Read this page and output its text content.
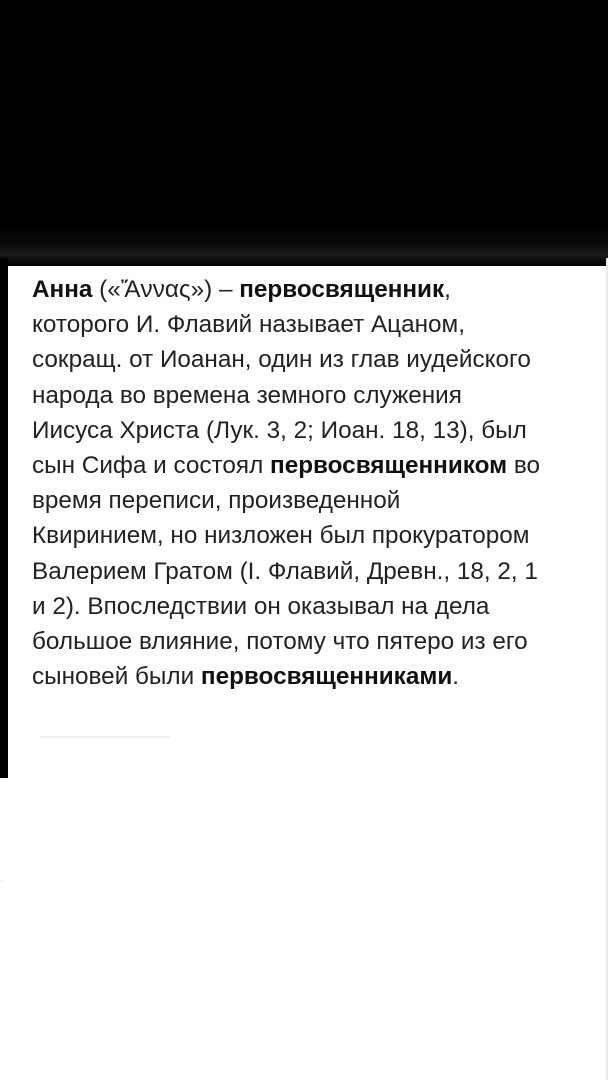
Анна («Ἄννας») – первосвященник,
которого И. Флавий называет Ацаном,
сокращ. от Иоанан, один из глав иудейского
народа во времена земного служения
Иисуса Христа (Лук. 3, 2; Иоан. 18, 13), был
сын Сифа и состоял первосвященником во
время переписи, произведенной
Квиринием, но низложен был прокуратором
Валерием Гратом (I. Флавий, Древн., 18, 2, 1
и 2). Впоследствии он оказывал на дела
большое влияние, потому что пятеро из его
сыновей были первосвященниками.
